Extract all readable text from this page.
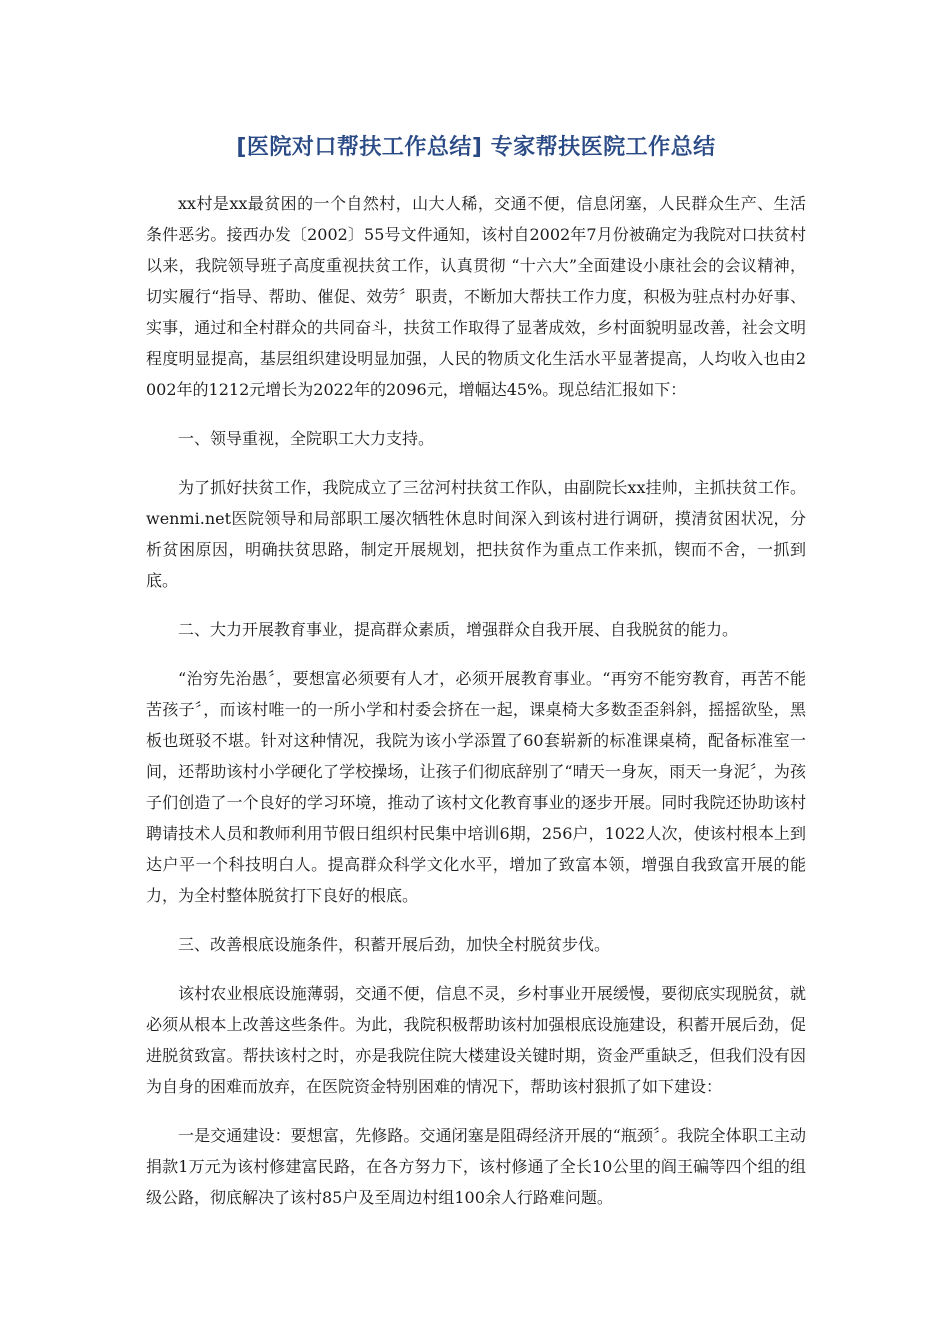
[医院对口帮扶工作总结] 专家帮扶医院工作总结

xx村是xx最贫困的一个自然村，山大人稀，交通不便，信息闭塞，人民群众生产、生活条件恶劣。接西办发〔2002〕55号文件通知，该村自2002年7月份被确定为我院对口扶贫村以来，我院领导班子高度重视扶贫工作，认真贯彻 “十六大”全面建设小康社会的会议精神，切实履行“指导、帮助、催促、效劳〞职责，不断加大帮扶工作力度，积极为驻点村办好事、实事，通过和全村群众的共同奋斗，扶贫工作取得了显著成效，乡村面貌明显改善，社会文明程度明显提高，基层组织建设明显加强，人民的物质文化生活水平显著提高，人均收入也由2002年的1212元增长为2022年的2096元，增幅达45%。现总结汇报如下：

一、领导重视，全院职工大力支持。

为了抓好扶贫工作，我院成立了三岔河村扶贫工作队，由副院长xx挂帅，主抓扶贫工作。wenmi.net医院领导和局部职工屡次牺牲休息时间深入到该村进行调研，摸清贫困状况，分析贫困原因，明确扶贫思路，制定开展规划，把扶贫作为重点工作来抓，锲而不舍，一抓到底。

二、大力开展教育事业，提高群众素质，增强群众自我开展、自我脱贫的能力。

“治穷先治愚〞，要想富必须要有人才，必须开展教育事业。“再穷不能穷教育，再苦不能苦孩子〞，而该村唯一的一所小学和村委会挤在一起，课桌椅大多数歪歪斜斜，摇摇欲坠，黑板也斑驳不堪。针对这种情况，我院为该小学添置了60套崭新的标准课桌椅，配备标准室一间，还帮助该村小学硬化了学校操场，让孩子们彻底辞别了“晴天一身灰，雨天一身泥〞，为孩子们创造了一个良好的学习环境，推动了该村文化教育事业的逐步开展。同时我院还协助该村聘请技术人员和教师利用节假日组织村民集中培训6期，256户，1022人次，使该村根本上到达户平一个科技明白人。提高群众科学文化水平，增加了致富本领，增强自我致富开展的能力，为全村整体脱贫打下良好的根底。

三、改善根底设施条件，积蓄开展后劲，加快全村脱贫步伐。

该村农业根底设施薄弱，交通不便，信息不灵，乡村事业开展缓慢，要彻底实现脱贫，就必须从根本上改善这些条件。为此，我院积极帮助该村加强根底设施建设，积蓄开展后劲，促进脱贫致富。帮扶该村之时，亦是我院住院大楼建设关键时期，资金严重缺乏，但我们没有因为自身的困难而放弃，在医院资金特别困难的情况下，帮助该村狠抓了如下建设：

一是交通建设：要想富，先修路。交通闭塞是阻碍经济开展的“瓶颈〞。我院全体职工主动捐款1万元为该村修建富民路，在各方努力下，该村修通了全长10公里的阎王碥等四个组的组级公路，彻底解决了该村85户及至周边村组100余人行路难问题。
